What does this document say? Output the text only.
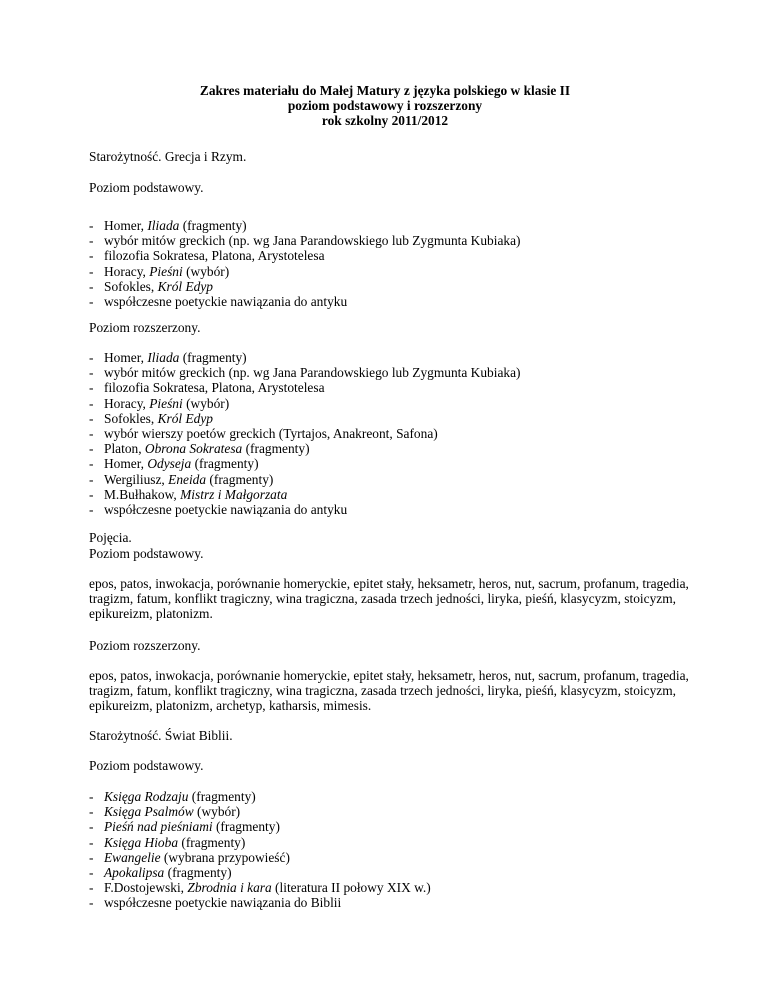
Zakres materiału do Małej Matury z języka polskiego w klasie II
poziom podstawowy i rozszerzony
rok szkolny 2011/2012
Starożytność. Grecja i Rzym.
Poziom podstawowy.
- Homer, Iliada (fragmenty)
- wybór mitów greckich (np. wg Jana Parandowskiego lub Zygmunta Kubiaka)
- filozofia Sokratesa, Platona, Arystotelesa
- Horacy, Pieśni (wybór)
- Sofokles, Król Edyp
- współczesne poetyckie nawiązania do antyku
Poziom rozszerzony.
- Homer, Iliada (fragmenty)
- wybór mitów greckich (np. wg Jana Parandowskiego lub Zygmunta Kubiaka)
- filozofia Sokratesa, Platona, Arystotelesa
- Horacy, Pieśni (wybór)
- Sofokles, Król Edyp
- wybór wierszy poetów greckich (Tyrtajos, Anakreont, Safona)
- Platon, Obrona Sokratesa (fragmenty)
- Homer, Odyseja (fragmenty)
- Wergiliusz, Eneida (fragmenty)
- M.Bułhakow, Mistrz i Małgorzata
- współczesne poetyckie nawiązania do antyku
Pojęcia.
Poziom podstawowy.
epos, patos, inwokacja, porównanie homeryckie, epitet stały, heksametr, heros, nut, sacrum, profanum, tragedia, tragizm, fatum, konflikt tragiczny, wina tragiczna, zasada trzech jedności, liryka, pieśń, klasycyzm, stoicyzm, epikureizm, platonizm.
Poziom rozszerzony.
epos, patos, inwokacja, porównanie homeryckie, epitet stały, heksametr, heros, nut, sacrum, profanum, tragedia, tragizm, fatum, konflikt tragiczny, wina tragiczna, zasada trzech jedności, liryka, pieśń, klasycyzm, stoicyzm, epikureizm, platonizm, archetyp, katharsis, mimesis.
Starożytność. Świat Biblii.
Poziom podstawowy.
- Księga Rodzaju (fragmenty)
- Księga Psalmów (wybór)
- Pieśń nad pieśniami (fragmenty)
- Księga Hioba (fragmenty)
- Ewangelie (wybrana przypowieść)
- Apokalipsa (fragmenty)
- F.Dostojewski, Zbrodnia i kara (literatura II połowy XIX w.)
- współczesne poetyckie nawiązania do Biblii
